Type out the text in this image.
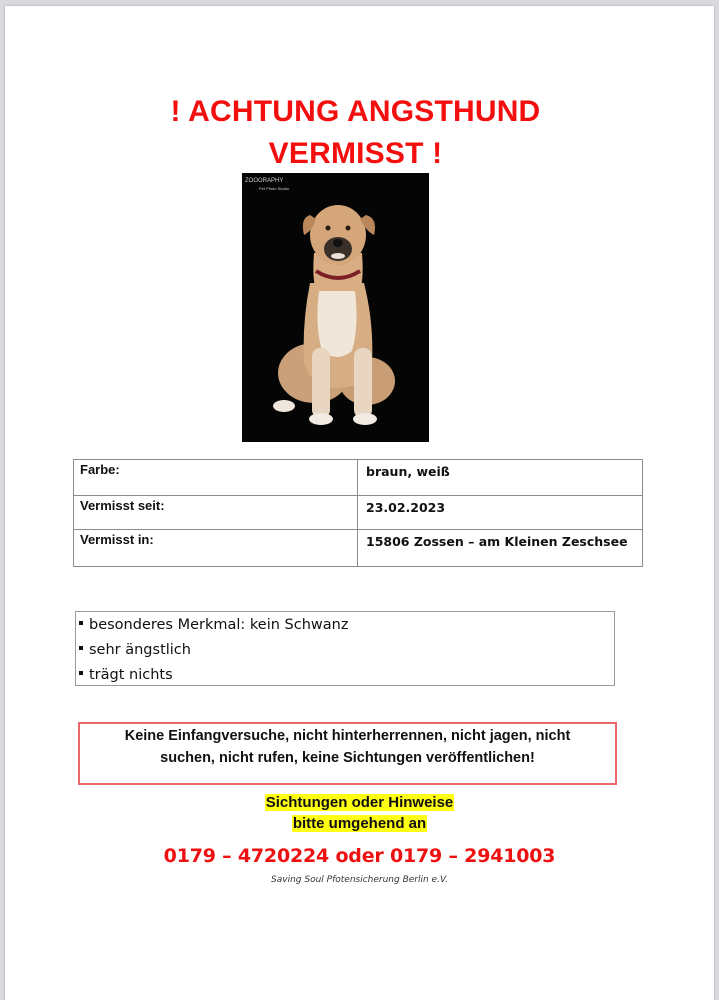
! ACHTUNG ANGSTHUND
VERMISST !
ZOOGRAPHY
Pet Photo Studio
Farbe:	braun, weiß
Vermisst seit:	23.02.2023
Vermisst in:	15806 Zossen – am Kleinen Zeschsee
besonderes Merkmal: kein Schwanz
sehr ängstlich
trägt nichts
Keine Einfangversuche, nicht hinterherrennen, nicht jagen, nicht
suchen, nicht rufen, keine Sichtungen veröffentlichen!
Sichtungen oder Hinweise
bitte umgehend an
0179 – 4720224 oder 0179 – 2941003
Saving Soul Pfotensicherung Berlin e.V.
